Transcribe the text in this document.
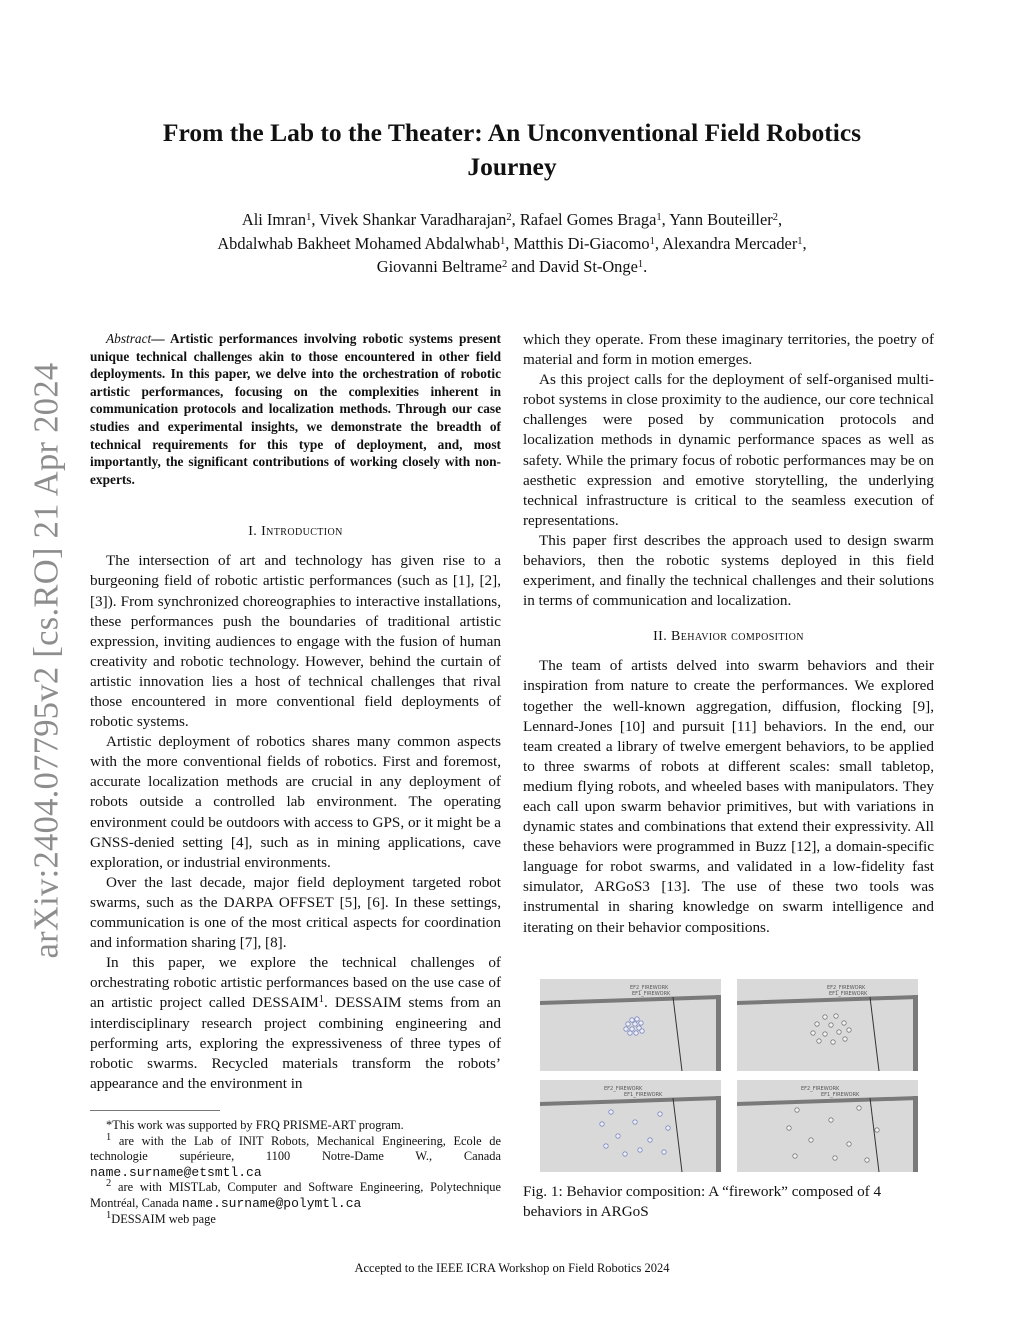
arXiv:2404.07795v2 [cs.RO] 21 Apr 2024
From the Lab to the Theater: An Unconventional Field Robotics
Journey
Ali Imran$^1$, Vivek Shankar Varadharajan$^2$, Rafael Gomes Braga$^1$, Yann Bouteiller$^2$,
Abdalwhab Bakheet Mohamed Abdalwhab$^1$, Matthis Di-Giacomo$^1$, Alexandra Mercader$^1$,
Giovanni Beltrame$^2$ and David St-Onge$^1$.

Abstract— Artistic performances involving robotic systems present unique technical challenges akin to those encountered in other field deployments. In this paper, we delve into the orchestration of robotic artistic performances, focusing on the complexities inherent in communication protocols and localization methods. Through our case studies and experimental insights, we demonstrate the breadth of technical requirements for this type of deployment, and, most importantly, the significant contributions of working closely with non-experts.

I. Introduction

The intersection of art and technology has given rise to a burgeoning field of robotic artistic performances (such as [1], [2], [3]). From synchronized choreographies to interactive installations, these performances push the boundaries of traditional artistic expression, inviting audiences to engage with the fusion of human creativity and robotic technology. However, behind the curtain of artistic innovation lies a host of technical challenges that rival those encountered in more conventional field deployments of robotic systems.

Artistic deployment of robotics shares many common aspects with the more conventional fields of robotics. First and foremost, accurate localization methods are crucial in any deployment of robots outside a controlled lab environment. The operating environment could be outdoors with access to GPS, or it might be a GNSS-denied setting [4], such as in mining applications, cave exploration, or industrial environments.

Over the last decade, major field deployment targeted robot swarms, such as the DARPA OFFSET [5], [6]. In these settings, communication is one of the most critical aspects for coordination and information sharing [7], [8].

In this paper, we explore the technical challenges of orchestrating robotic artistic performances based on the use case of an artistic project called DESSAIM$^1$. DESSAIM stems from an interdisciplinary research project combining engineering and performing arts, exploring the expressiveness of three types of robotic swarms. Recycled materials transform the robots’ appearance and the environment in

*This work was supported by FRQ PRISME-ART program.
$^1$ are with the Lab of INIT Robots, Mechanical Engineering, Ecole de technologie supérieure, 1100 Notre-Dame W., Canada name.surname@etsmtl.ca
$^2$ are with MISTLab, Computer and Software Engineering, Polytechnique Montréal, Canada name.surname@polymtl.ca
$^1$DESSAIM web page

which they operate. From these imaginary territories, the poetry of material and form in motion emerges.

As this project calls for the deployment of self-organised multi-robot systems in close proximity to the audience, our core technical challenges were posed by communication protocols and localization methods in dynamic performance spaces as well as safety. While the primary focus of robotic performances may be on aesthetic expression and emotive storytelling, the underlying technical infrastructure is critical to the seamless execution of representations.

This paper first describes the approach used to design swarm behaviors, then the robotic systems deployed in this field experiment, and finally the technical challenges and their solutions in terms of communication and localization.

II. Behavior composition

The team of artists delved into swarm behaviors and their inspiration from nature to create the performances. We explored together the well-known aggregation, diffusion, flocking [9], Lennard-Jones [10] and pursuit [11] behaviors. In the end, our team created a library of twelve emergent behaviors, to be applied to three swarms of robots at different scales: small tabletop, medium flying robots, and wheeled bases with manipulators. They each call upon swarm behavior primitives, but with variations in dynamic states and combinations that extend their expressivity. All these behaviors were programmed in Buzz [12], a domain-specific language for robot swarms, and validated in a low-fidelity fast simulator, ARGoS3 [13]. The use of these two tools was instrumental in sharing knowledge on swarm intelligence and iterating on their behavior compositions.

EF2_FIREWORK
EF1_FIREWORK
EF2_FIREWORK
EF1_FIREWORK
EF2_FIREWORK
EF1_FIREWORK
EF2_FIREWORK
EF1_FIREWORK
Fig. 1: Behavior composition: A “firework” composed of 4 behaviors in ARGoS
Accepted to the IEEE ICRA Workshop on Field Robotics 2024
